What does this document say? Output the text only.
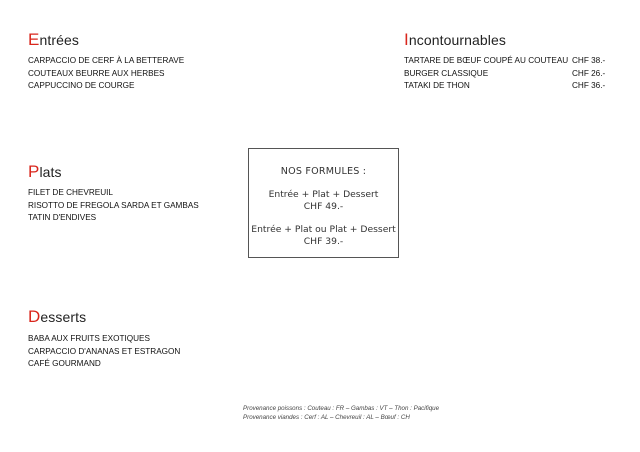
Entrées
CARPACCIO DE CERF À LA BETTERAVE
COUTEAUX BEURRE AUX HERBES
CAPPUCCINO DE COURGE
Incontournables
TARTARE DE BŒUF COUPÉ AU COUTEAU CHF 38.-
BURGER CLASSIQUE	CHF 26.-
TATAKI DE THON	CHF 36.-
Plats
FILET DE CHEVREUIL
RISOTTO DE FREGOLA SARDA ET GAMBAS
TATIN D'ENDIVES
NOS FORMULES :
Entrée + Plat + Dessert
CHF 49.-
Entrée + Plat ou Plat + Dessert
CHF 39.-
Desserts
BABA AUX FRUITS EXOTIQUES
CARPACCIO D'ANANAS ET ESTRAGON
CAFÉ GOURMAND
Provenance poissons : Couteau : FR – Gambas : VT – Thon : Pacifique
Provenance viandes : Cerf : AL – Chevreuil : AL – Bœuf : CH
